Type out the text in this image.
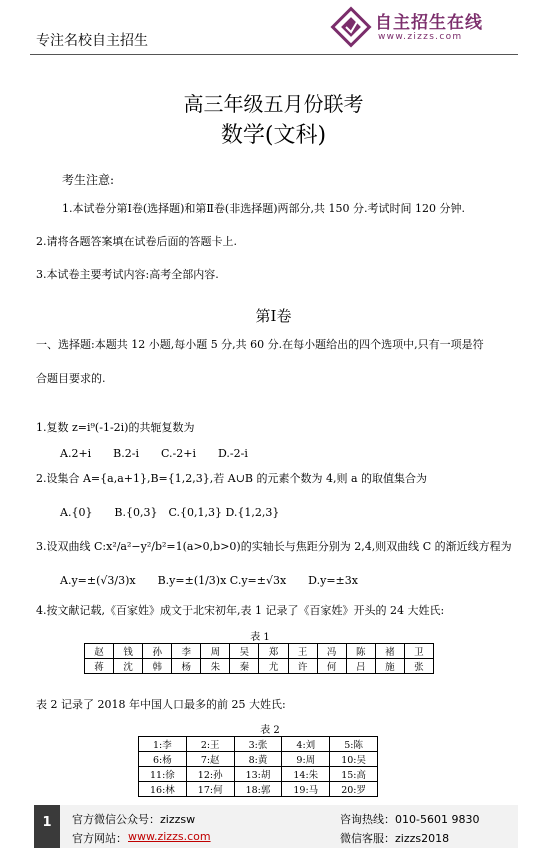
专注名校自主招生
自主招生在线
www.zizzs.com
高三年级五月份联考
数学(文科)
考生注意:
1.本试卷分第Ⅰ卷(选择题)和第Ⅱ卷(非选择题)两部分,共 150 分.考试时间 120 分钟.
2.请将各题答案填在试卷后面的答题卡上.
3.本试卷主要考试内容:高考全部内容.
第Ⅰ卷
一、选择题:本题共 12 小题,每小题 5 分,共 60 分.在每小题给出的四个选项中,只有一项是符
合题目要求的.
1.复数 z=i⁹(-1-2i)的共轭复数为
A.2+i　　B.2-i　　C.-2+i　　D.-2-i
2.设集合 A={a,a+1},B={1,2,3},若 A∪B 的元素个数为 4,则 a 的取值集合为
A.{0}　　B.{0,3}　C.{0,1,3} D.{1,2,3}
3.设双曲线 C:x²/a²−y²/b²=1(a>0,b>0)的实轴长与焦距分别为 2,4,则双曲线 C 的渐近线方程为
A.y=±(√3/3)x　　B.y=±(1/3)x C.y=±√3x　　D.y=±3x
4.按文献记载,《百家姓》成文于北宋初年,表 1 记录了《百家姓》开头的 24 大姓氏:
表 1
赵	钱	孙	李	周	吴	郑	王	冯	陈	褚	卫
蒋	沈	韩	杨	朱	秦	尤	许	何	吕	施	张
表 2 记录了 2018 年中国人口最多的前 25 大姓氏:
表 2
1:李	2:王	3:张	4:刘	5:陈
6:杨	7:赵	8:黄	9:周	10:吴
11:徐	12:孙	13:胡	14:朱	15:高
16:林	17:何	18:郭	19:马	20:罗
1	官方微信公众号：zizzsw
官方网站： www.zizzs.com
咨询热线：010-5601 9830
微信客服：zizzs2018
